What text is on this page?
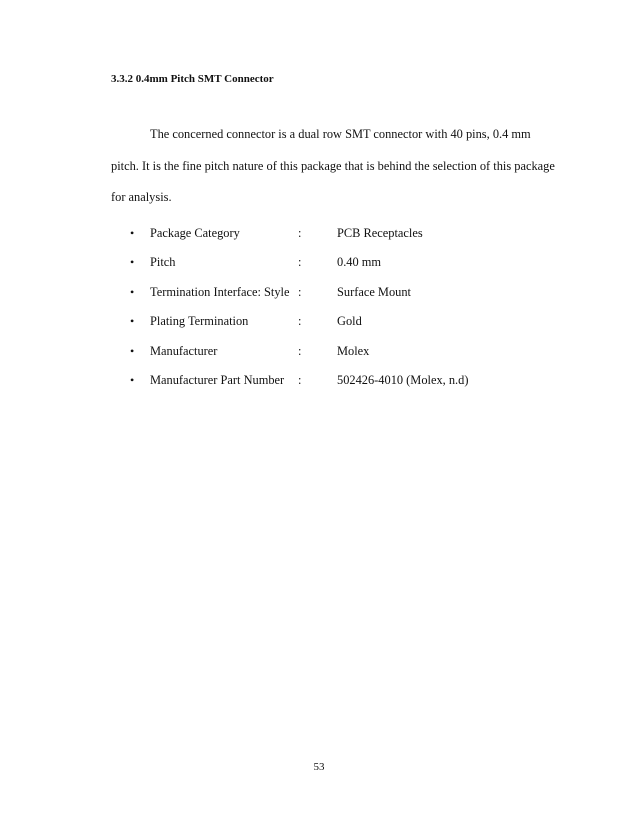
3.3.2 0.4mm Pitch SMT Connector
The concerned connector is a dual row SMT connector with 40 pins, 0.4 mm
pitch. It is the fine pitch nature of this package that is behind the selection of this package
for analysis.
• Package Category	:	PCB Receptacles
• Pitch	:	0.40 mm
• Termination Interface: Style :	Surface Mount
• Plating Termination	:	Gold
• Manufacturer	:	Molex
• Manufacturer Part Number :	502426-4010 (Molex, n.d)
53
